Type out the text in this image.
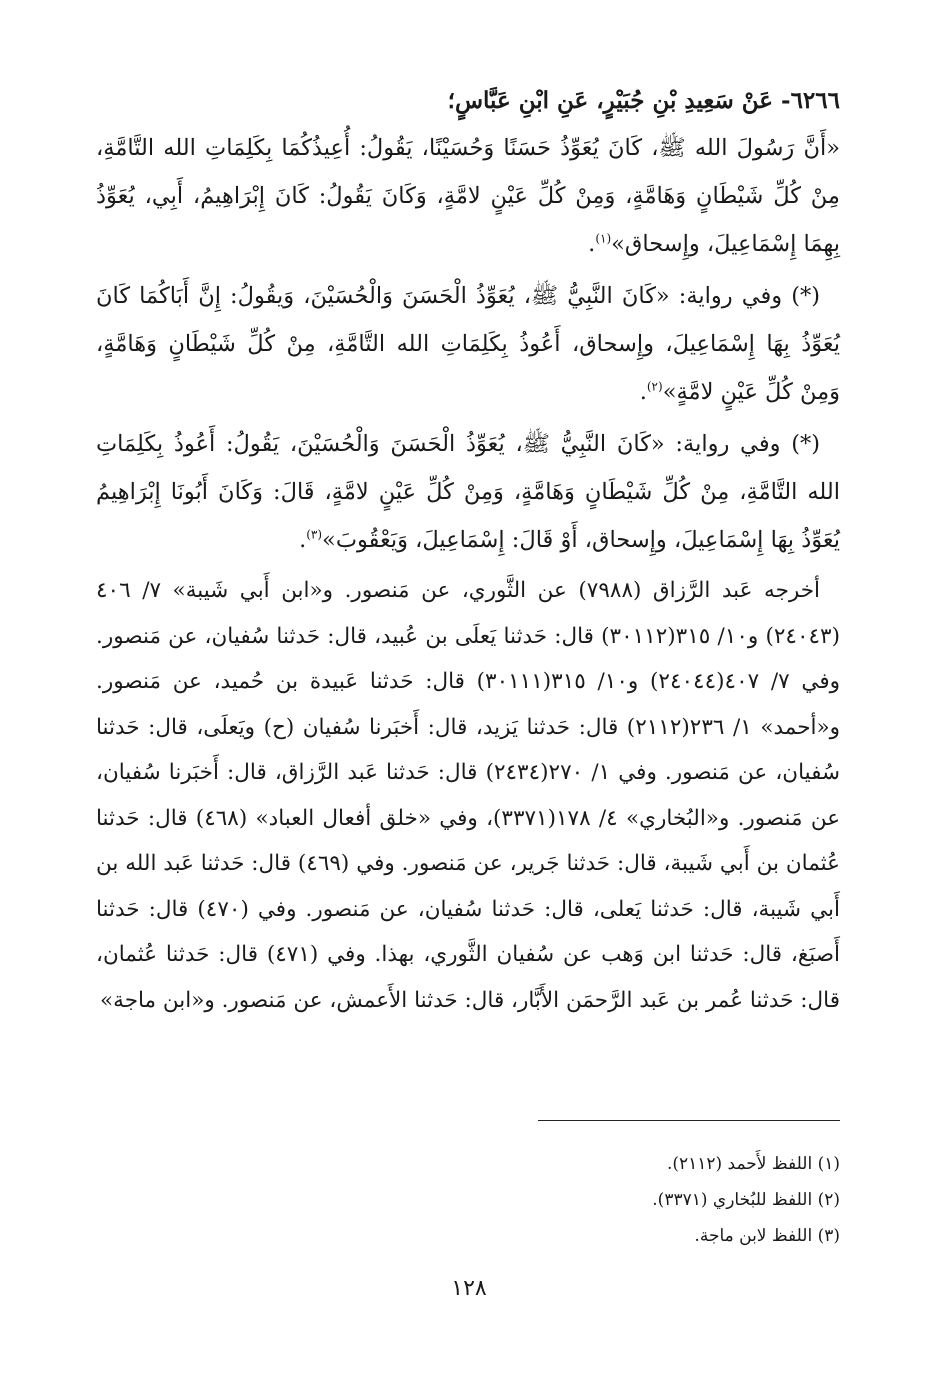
٦٢٦٦- عَنْ سَعِيدِ بْنِ جُبَيْرٍ، عَنِ ابْنِ عَبَّاسٍ؛

«أَنَّ رَسُولَ الله ﷺ، كَانَ يُعَوِّذُ حَسَنًا وَحُسَيْنًا، يَقُولُ: أُعِيذُكُمَا بِكَلِمَاتِ الله التَّامَّةِ، مِنْ كُلِّ شَيْطَانٍ وَهَامَّةٍ، وَمِنْ كُلِّ عَيْنٍ لامَّةٍ، وَكَانَ يَقُولُ: كَانَ إِبْرَاهِيمُ، أَبِي، يُعَوِّذُ بِهِمَا إِسْمَاعِيلَ، وإِسحاق»$^{(١)}$.

(*) وفي رواية: «كَانَ النَّبِيُّ ﷺ، يُعَوِّذُ الْحَسَنَ وَالْحُسَيْنَ، وَيقُولُ: إِنَّ أَبَاكُمَا كَانَ يُعَوِّذُ بِهَا إِسْمَاعِيلَ، وإِسحاق، أَعُوذُ بِكَلِمَاتِ الله التَّامَّةِ، مِنْ كُلِّ شَيْطَانٍ وَهَامَّةٍ، وَمِنْ كُلِّ عَيْنٍ لامَّةٍ»$^{(٢)}$.

(*) وفي رواية: «كَانَ النَّبِيُّ ﷺ، يُعَوِّذُ الْحَسَنَ وَالْحُسَيْنَ، يَقُولُ: أَعُوذُ بِكَلِمَاتِ الله التَّامَّةِ، مِنْ كُلِّ شَيْطَانٍ وَهَامَّةٍ، وَمِنْ كُلِّ عَيْنٍ لامَّةٍ، قَالَ: وَكَانَ أَبُونَا إِبْرَاهِيمُ يُعَوِّذُ بِهَا إِسْمَاعِيلَ، وإِسحاق، أَوْ قَالَ: إِسْمَاعِيلَ، وَيَعْقُوبَ»$^{(٣)}$.

أخرجه عَبد الرَّزاق (٧٩٨٨) عن الثَّوري، عن مَنصور. و«ابن أَبي شَيبة» ٧/ ٤٠٦ (٢٤٠٤٣) و١٠/ ٣١٥(٣٠١١٢) قال: حَدثنا يَعلَى بن عُبيد، قال: حَدثنا سُفيان، عن مَنصور. وفي ٧/ ٤٠٧(٢٤٠٤٤) و١٠/ ٣١٥(٣٠١١١) قال: حَدثنا عَبيدة بن حُميد، عن مَنصور. و«أحمد» ١/ ٢٣٦(٢١١٢) قال: حَدثنا يَزيد، قال: أَخبَرنا سُفيان (ح) ويَعلَى، قال: حَدثنا سُفيان، عن مَنصور. وفي ١/ ٢٧٠(٢٤٣٤) قال: حَدثنا عَبد الرَّزاق، قال: أَخبَرنا سُفيان، عن مَنصور. و«البُخاري» ٤/ ١٧٨(٣٣٧١)، وفي «خلق أفعال العباد» (٤٦٨) قال: حَدثنا عُثمان بن أَبي شَيبة، قال: حَدثنا جَرير، عن مَنصور. وفي (٤٦٩) قال: حَدثنا عَبد الله بن أَبي شَيبة، قال: حَدثنا يَعلى، قال: حَدثنا سُفيان، عن مَنصور. وفي (٤٧٠) قال: حَدثنا أَصبَغ، قال: حَدثنا ابن وَهب عن سُفيان الثَّوري، بهذا. وفي (٤٧١) قال: حَدثنا عُثمان، قال: حَدثنا عُمر بن عَبد الرَّحمَن الأَبَّار، قال: حَدثنا الأَعمش، عن مَنصور. و«ابن ماجة»

(١) اللفظ لأَحمد (٢١١٢).
(٢) اللفظ للبُخاري (٣٣٧١).
(٣) اللفظ لابن ماجة.
١٢٨
